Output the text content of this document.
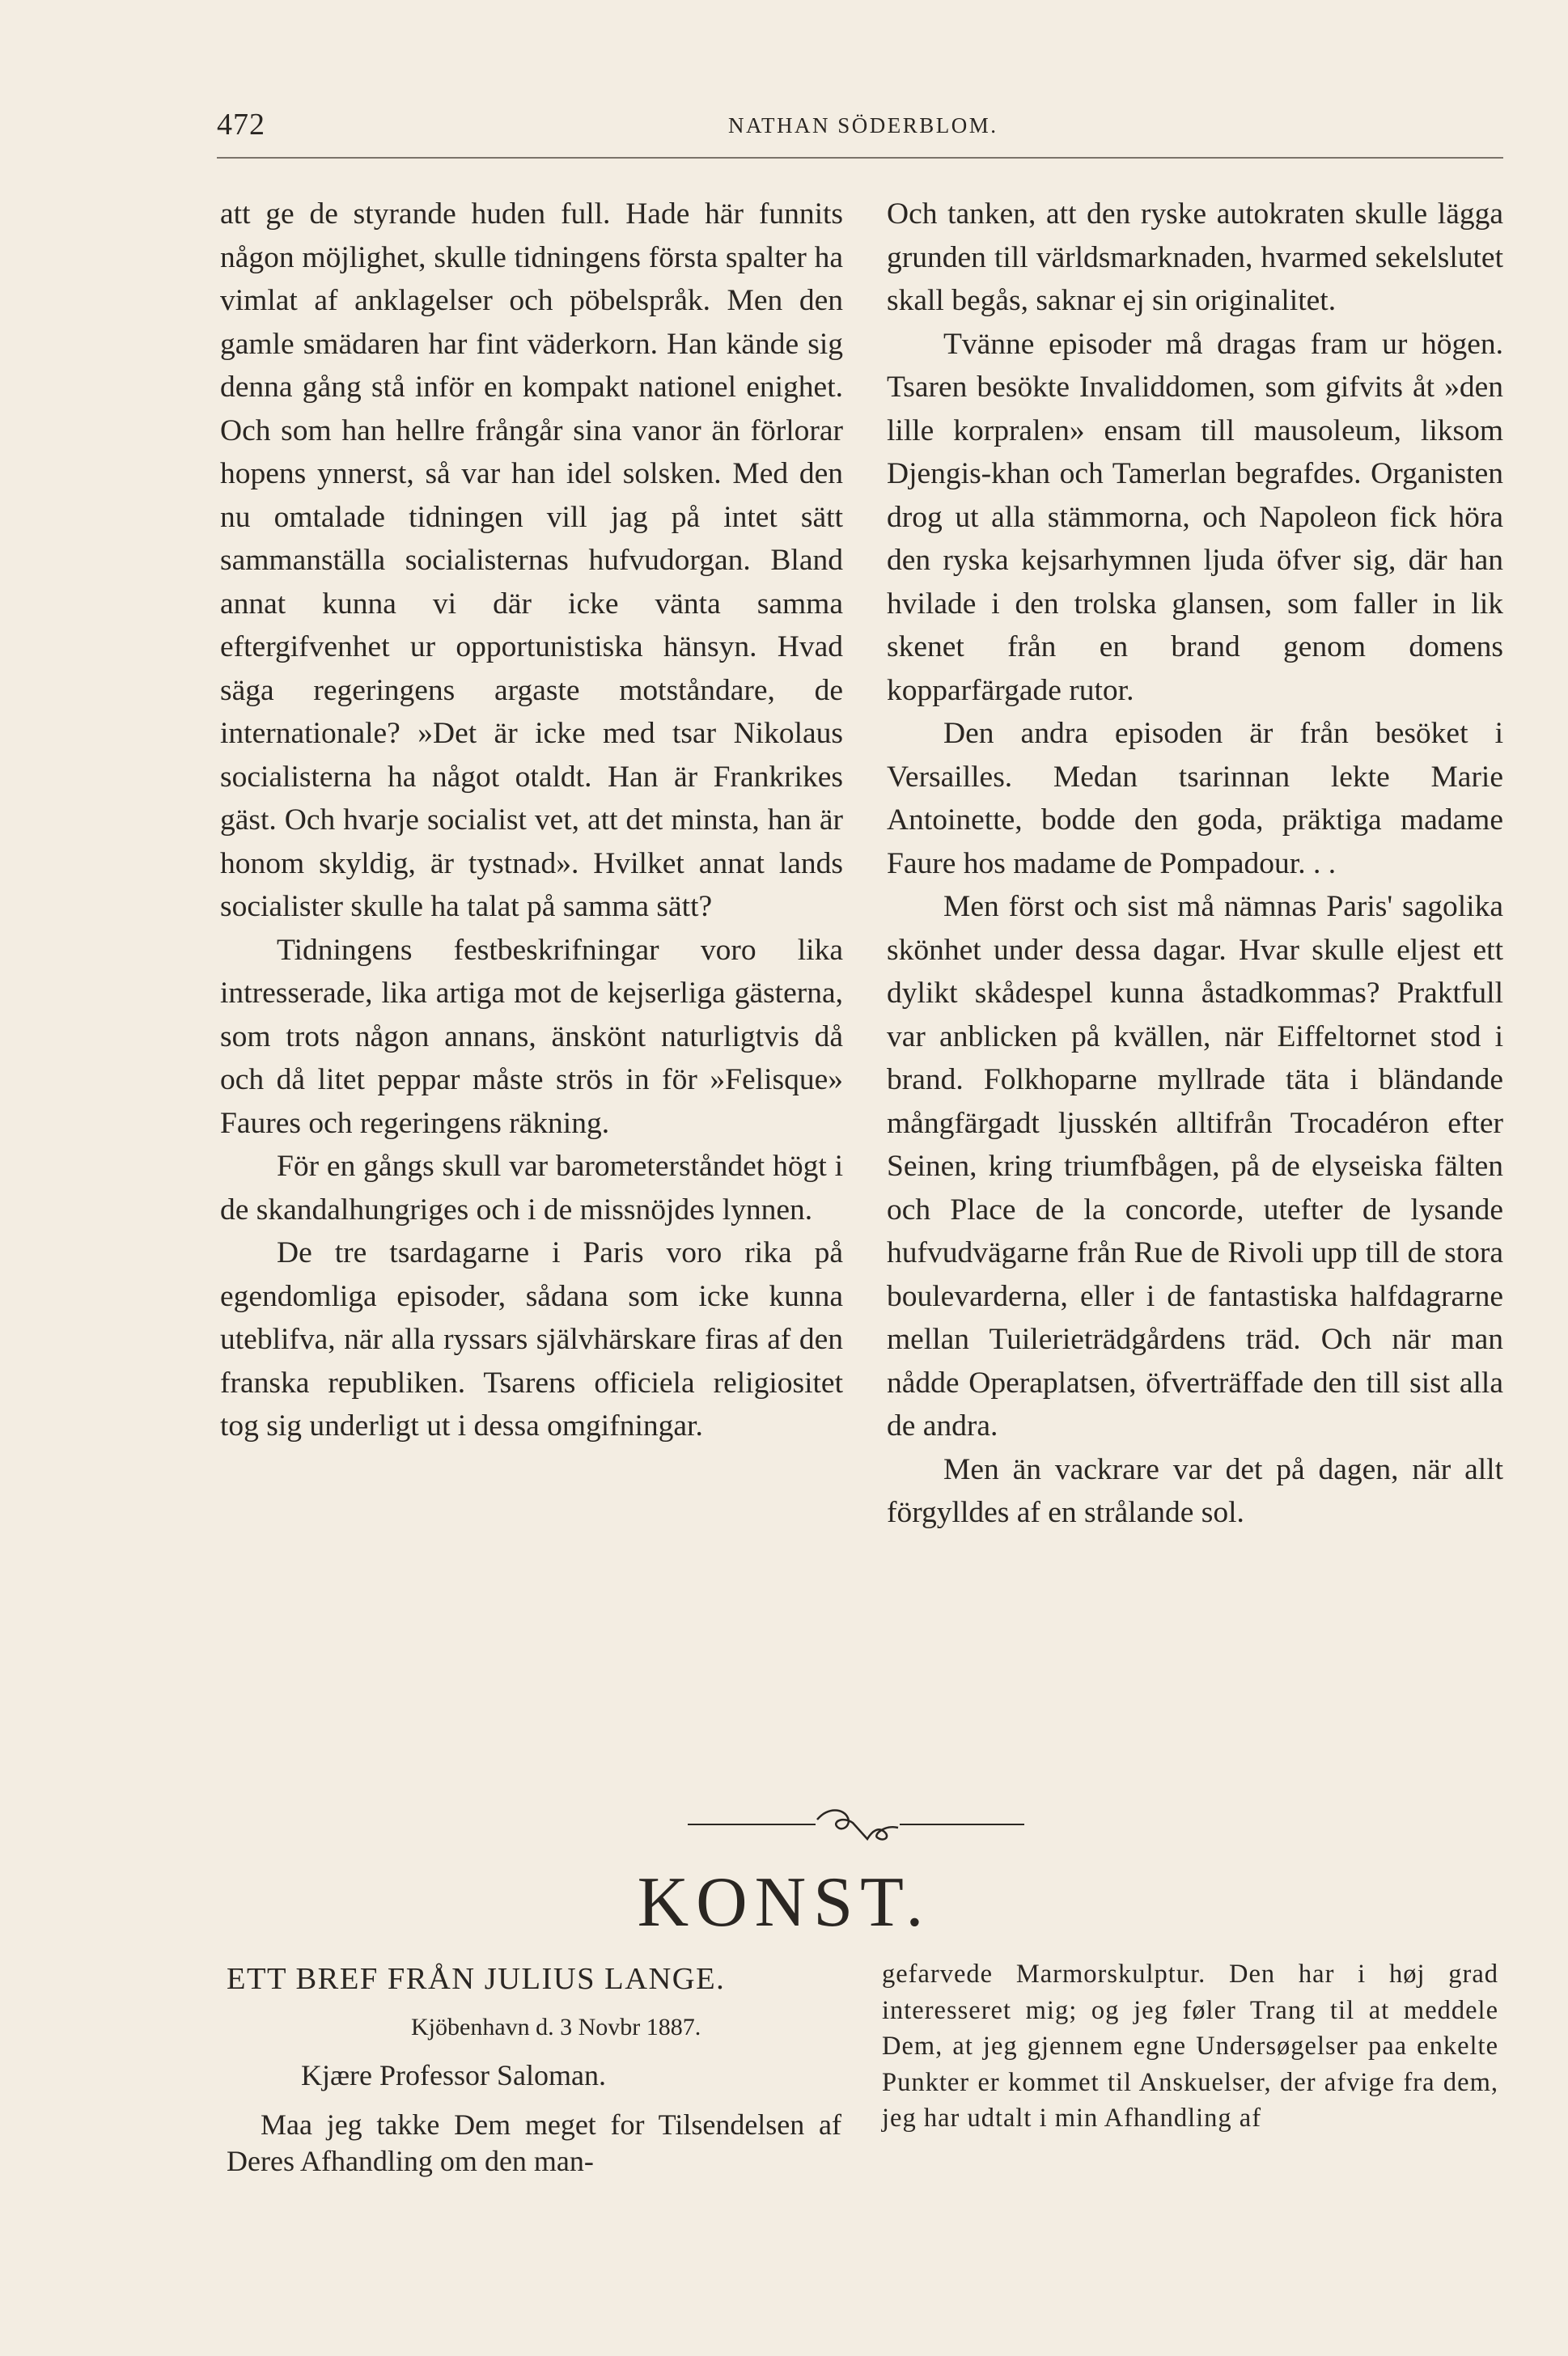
472	NATHAN SÖDERBLOM.

att ge de styrande huden full. Hade här funnits någon möjlighet, skulle tidningens första spalter ha vimlat af anklagelser och pöbelspråk. Men den gamle smädaren har fint väderkorn. Han kände sig denna gång stå inför en kompakt nationel enighet. Och som han hellre frångår sina vanor än förlorar hopens ynnerst, så var han idel solsken. Med den nu omtalade tidningen vill jag på intet sätt sammanställa socialisternas hufvudorgan. Bland annat kunna vi där icke vänta samma eftergifvenhet ur opportunistiska hänsyn. Hvad säga regeringens argaste motståndare, de internationale? »Det är icke med tsar Nikolaus socialisterna ha något otaldt. Han är Frankrikes gäst. Och hvarje socialist vet, att det minsta, han är honom skyldig, är tystnad». Hvilket annat lands socialister skulle ha talat på samma sätt?

Tidningens festbeskrifningar voro lika intresserade, lika artiga mot de kejserliga gästerna, som trots någon annans, änskönt naturligtvis då och då litet peppar måste strös in för »Felisque» Faures och regeringens räkning.

För en gångs skull var barometerståndet högt i de skandalhungriges och i de missnöjdes lynnen.

De tre tsardagarne i Paris voro rika på egendomliga episoder, sådana som icke kunna uteblifva, när alla ryssars självhärskare firas af den franska republiken. Tsarens officiela religiositet tog sig underligt ut i dessa omgifningar.

Och tanken, att den ryske autokraten skulle lägga grunden till världsmarknaden, hvarmed sekelslutet skall begås, saknar ej sin originalitet.

Tvänne episoder må dragas fram ur högen. Tsaren besökte Invaliddomen, som gifvits åt »den lille korpralen» ensam till mausoleum, liksom Djengis-khan och Tamerlan begrafdes. Organisten drog ut alla stämmorna, och Napoleon fick höra den ryska kejsarhymnen ljuda öfver sig, där han hvilade i den trolska glansen, som faller in lik skenet från en brand genom domens kopparfärgade rutor.

Den andra episoden är från besöket i Versailles. Medan tsarinnan lekte Marie Antoinette, bodde den goda, präktiga madame Faure hos madame de Pompadour. . .

Men först och sist må nämnas Paris' sagolika skönhet under dessa dagar. Hvar skulle eljest ett dylikt skådespel kunna åstadkommas? Praktfull var anblicken på kvällen, när Eiffeltornet stod i brand. Folkhoparne myllrade täta i bländande mångfärgadt ljusskén alltifrån Trocadéron efter Seinen, kring triumfbågen, på de elyseiska fälten och Place de la concorde, utefter de lysande hufvudvägarne från Rue de Rivoli upp till de stora boulevarderna, eller i de fantastiska halfdagrarne mellan Tuilerieträdgårdens träd. Och när man nådde Operaplatsen, öfverträffade den till sist alla de andra.

Men än vackrare var det på dagen, när allt förgylldes af en strålande sol.

KONST.
ETT BREF FRÅN JULIUS LANGE.
Kjöbenhavn d. 3 Novbr 1887.
Kjære Professor Saloman.

Maa jeg takke Dem meget for Tilsendelsen af Deres Afhandling om den man-

gefarvede Marmorskulptur. Den har i høj grad interesseret mig; og jeg føler Trang til at meddele Dem, at jeg gjennem egne Undersøgelser paa enkelte Punkter er kommet til Anskuelser, der afvige fra dem, jeg har udtalt i min Afhandling af
